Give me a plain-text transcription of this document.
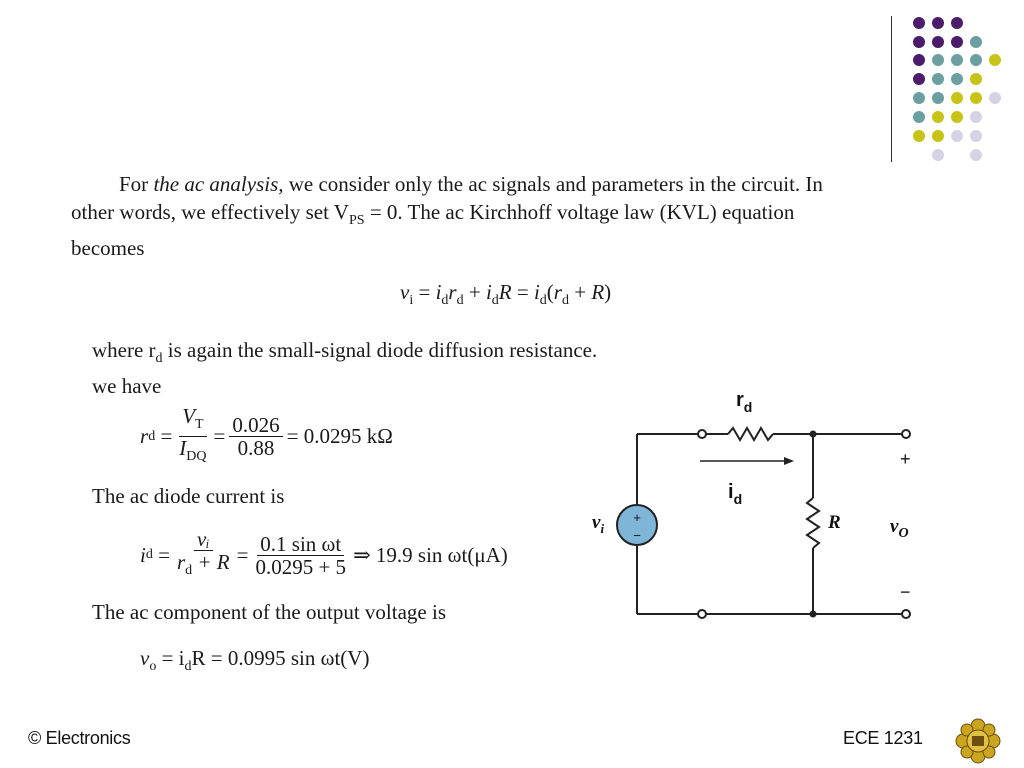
For the ac analysis, we consider only the ac signals and parameters in the circuit. In
other words, we effectively set $V_{PS} = 0$. The ac Kirchhoff voltage law (KVL) equation
becomes
$v_i = i_dr_d + i_dR = i_d(r_d + R)$
where $r_d$ is again the small-signal diode diffusion resistance.
we have
r $d = \frac{V_T}{I_{DQ}} = \frac{0.026}{0.88} = 0.0295$ kΩ
The ac diode current is
i $d = \frac{\text{vᵢ}}{r_d + R} = \frac{\text{0.1 sin ωt}}{0.0295 + 5}$ ⇒ 19.9 sin ωt(μA)
The ac component of the output voltage is
$v_o = i_dR = 0.0995$ sin ωt(V)
+
−
$r_d$
$i_d$
$v_i$	R	$v_O$
+
−
© Electronics	ECE 1231
